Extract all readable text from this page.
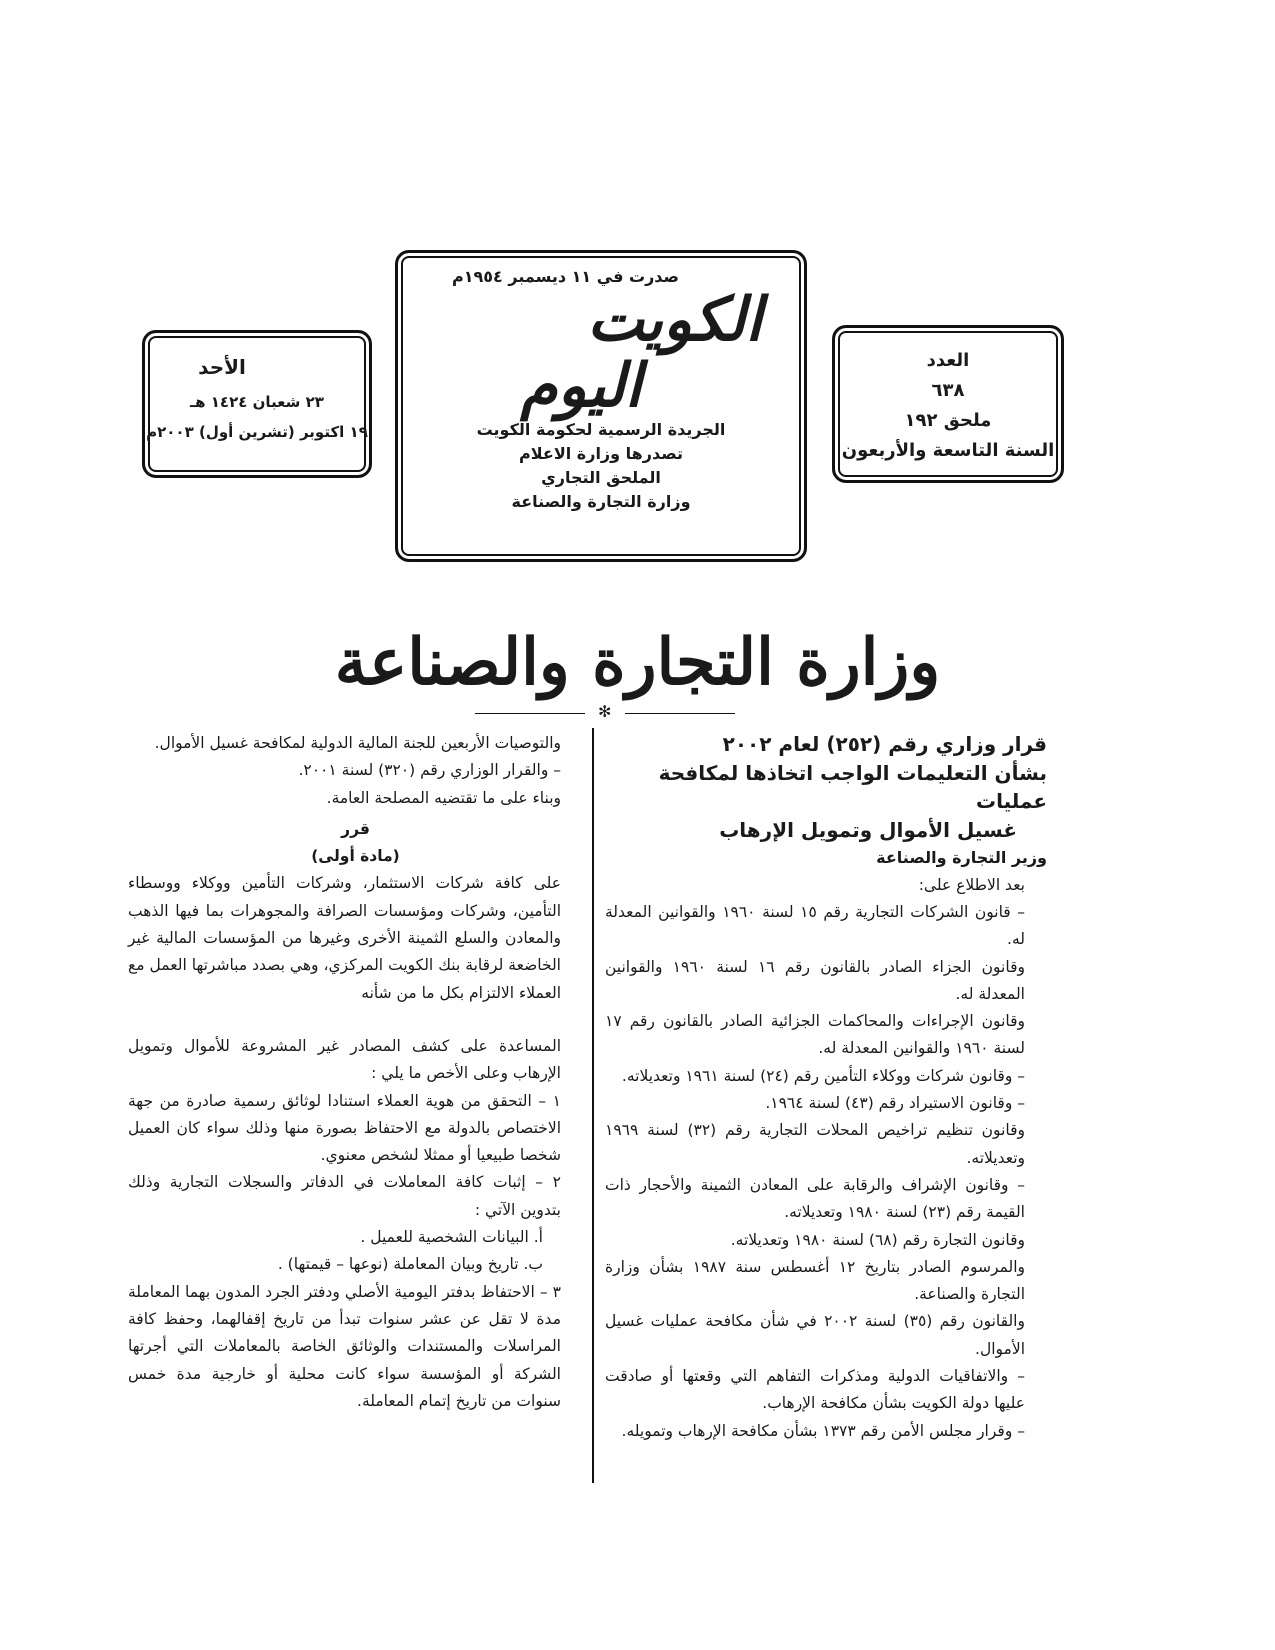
الأحد
٢٣ شعبان ١٤٢٤ هـ
١٩ اكتوبر (تشرين أول) ٢٠٠٣م
صدرت في ١١ ديسمبر ١٩٥٤م
الكويت
اليوم
الجريدة الرسمية لحكومة الكويت
تصدرها وزارة الاعلام
الملحق التجاري
وزارة التجارة والصناعة
العدد
٦٣٨
ملحق ١٩٢
السنة التاسعة والأربعون
وزارة التجارة والصناعة
✻

قرار وزاري رقم (٢٥٢) لعام ٢٠٠٢

بشأن التعليمات الواجب اتخاذها لمكافحة عمليات

غسيل الأموال وتمويل الإرهاب

وزير التجارة والصناعة

بعد الاطلاع على:

– قانون الشركات التجارية رقم ١٥ لسنة ١٩٦٠ والقوانين المعدلة له.

وقانون الجزاء الصادر بالقانون رقم ١٦ لسنة ١٩٦٠ والقوانين المعدلة له.

وقانون الإجراءات والمحاكمات الجزائية الصادر بالقانون رقم ١٧ لسنة ١٩٦٠ والقوانين المعدلة له.

– وقانون شركات ووكلاء التأمين رقم (٢٤) لسنة ١٩٦١ وتعديلاته.

– وقانون الاستيراد رقم (٤٣) لسنة ١٩٦٤.

وقانون تنظيم تراخيص المحلات التجارية رقم (٣٢) لسنة ١٩٦٩ وتعديلاته.

– وقانون الإشراف والرقابة على المعادن الثمينة والأحجار ذات القيمة رقم (٢٣) لسنة ١٩٨٠ وتعديلاته.

وقانون التجارة رقم (٦٨) لسنة ١٩٨٠ وتعديلاته.

والمرسوم الصادر بتاريخ ١٢ أغسطس سنة ١٩٨٧ بشأن وزارة التجارة والصناعة.

والقانون رقم (٣٥) لسنة ٢٠٠٢ في شأن مكافحة عمليات غسيل الأموال.

– والاتفاقيات الدولية ومذكرات التفاهم التي وقعتها أو صادقت عليها دولة الكويت بشأن مكافحة الإرهاب.

– وقرار مجلس الأمن رقم ١٣٧٣ بشأن مكافحة الإرهاب وتمويله.

والتوصيات الأربعين للجنة المالية الدولية لمكافحة غسيل الأموال.

– والقرار الوزاري رقم (٣٢٠) لسنة ٢٠٠١.

وبناء على ما تقتضيه المصلحة العامة.

قرر

(مادة أولى)

على كافة شركات الاستثمار، وشركات التأمين ووكلاء ووسطاء التأمين، وشركات ومؤسسات الصرافة والمجوهرات بما فيها الذهب والمعادن والسلع الثمينة الأخرى وغيرها من المؤسسات المالية غير الخاضعة لرقابة بنك الكويت المركزي، وهي بصدد مباشرتها العمل مع العملاء الالتزام بكل ما من شأنه

المساعدة على كشف المصادر غير المشروعة للأموال وتمويل الإرهاب وعلى الأخص ما يلي :

١ – التحقق من هوية العملاء استنادا لوثائق رسمية صادرة من جهة الاختصاص بالدولة مع الاحتفاظ بصورة منها وذلك سواء كان العميل شخصا طبيعيا أو ممثلا لشخص معنوي.

٢ – إثبات كافة المعاملات في الدفاتر والسجلات التجارية وذلك بتدوين الآتي :

أ. البيانات الشخصية للعميل .

ب. تاريخ وبيان المعاملة (نوعها – قيمتها) .

٣ – الاحتفاظ بدفتر اليومية الأصلي ودفتر الجرد المدون بهما المعاملة مدة لا تقل عن عشر سنوات تبدأ من تاريخ إقفالهما، وحفظ كافة المراسلات والمستندات والوثائق الخاصة بالمعاملات التي أجرتها الشركة أو المؤسسة سواء كانت محلية أو خارجية مدة خمس سنوات من تاريخ إتمام المعاملة.
